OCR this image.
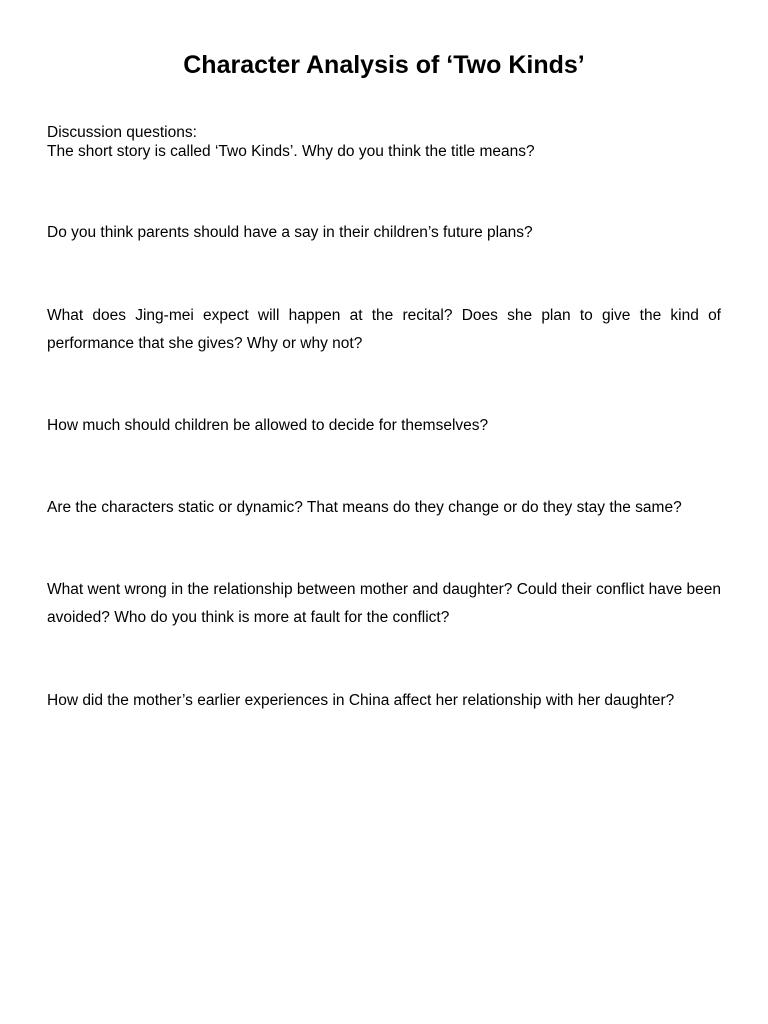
Character Analysis of ‘Two Kinds’
Discussion questions:
The short story is called ‘Two Kinds’. Why do you think the title means?

Do you think parents should have a say in their children’s future plans?

What does Jing-mei expect will happen at the recital? Does she plan to give the kind of performance that she gives? Why or why not?

How much should children be allowed to decide for themselves?

Are the characters static or dynamic? That means do they change or do they stay the same?

What went wrong in the relationship between mother and daughter? Could their conflict have been avoided? Who do you think is more at fault for the conflict?

How did the mother’s earlier experiences in China affect her relationship with her daughter?
